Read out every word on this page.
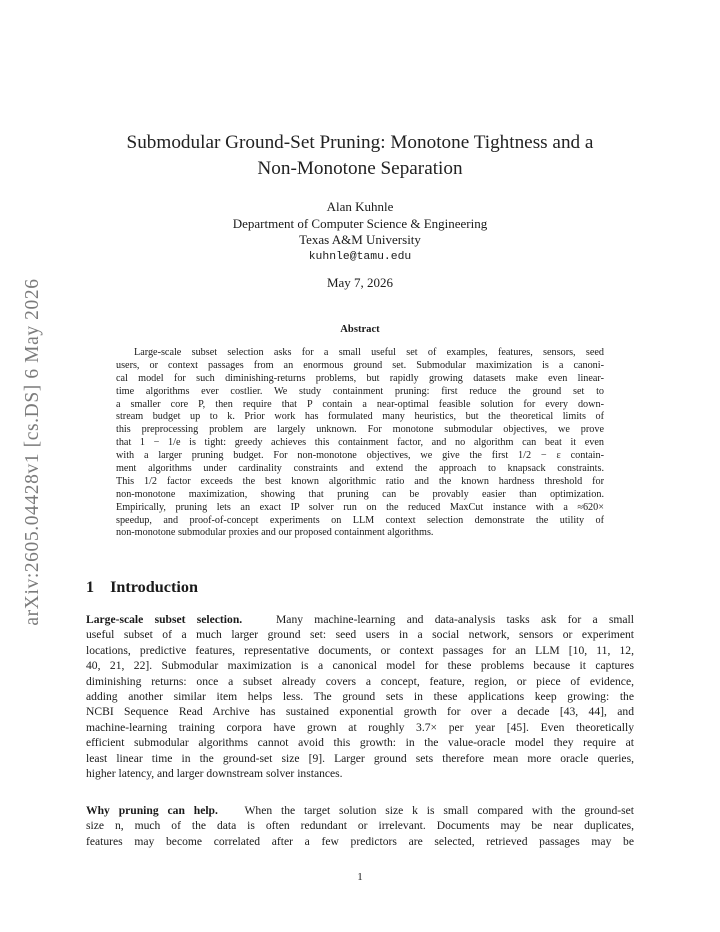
arXiv:2605.04428v1 [cs.DS] 6 May 2026
Submodular Ground-Set Pruning: Monotone Tightness and a
Non-Monotone Separation
Alan Kuhnle
Department of Computer Science & Engineering
Texas A&M University
kuhnle@tamu.edu
May 7, 2026
Abstract
Large-scale subset selection asks for a small useful set of examples, features, sensors, seed
users, or context passages from an enormous ground set. Submodular maximization is a canoni-
cal model for such diminishing-returns problems, but rapidly growing datasets make even linear-
time algorithms ever costlier. We study containment pruning: first reduce the ground set to
a smaller core P, then require that P contain a near-optimal feasible solution for every down-
stream budget up to k. Prior work has formulated many heuristics, but the theoretical limits of
this preprocessing problem are largely unknown. For monotone submodular objectives, we prove
that 1 − 1/e is tight: greedy achieves this containment factor, and no algorithm can beat it even
with a larger pruning budget. For non-monotone objectives, we give the first 1/2 − ε contain-
ment algorithms under cardinality constraints and extend the approach to knapsack constraints.
This 1/2 factor exceeds the best known algorithmic ratio and the known hardness threshold for
non-monotone maximization, showing that pruning can be provably easier than optimization.
Empirically, pruning lets an exact IP solver run on the reduced MaxCut instance with a ≈620×
speedup, and proof-of-concept experiments on LLM context selection demonstrate the utility of
non-monotone submodular proxies and our proposed containment algorithms.
1 Introduction
Large-scale subset selection.	Many machine-learning and data-analysis tasks ask for a small
useful subset of a much larger ground set: seed users in a social network, sensors or experiment
locations, predictive features, representative documents, or context passages for an LLM [10, 11, 12,
40, 21, 22]. Submodular maximization is a canonical model for these problems because it captures
diminishing returns: once a subset already covers a concept, feature, region, or piece of evidence,
adding another similar item helps less. The ground sets in these applications keep growing: the
NCBI Sequence Read Archive has sustained exponential growth for over a decade [43, 44], and
machine-learning training corpora have grown at roughly 3.7× per year [45]. Even theoretically
efficient submodular algorithms cannot avoid this growth: in the value-oracle model they require at
least linear time in the ground-set size [9]. Larger ground sets therefore mean more oracle queries,
higher latency, and larger downstream solver instances.
Why pruning can help. When the target solution size k is small compared with the ground-set
size n, much of the data is often redundant or irrelevant. Documents may be near duplicates,
features may become correlated after a few predictors are selected, retrieved passages may be
1
